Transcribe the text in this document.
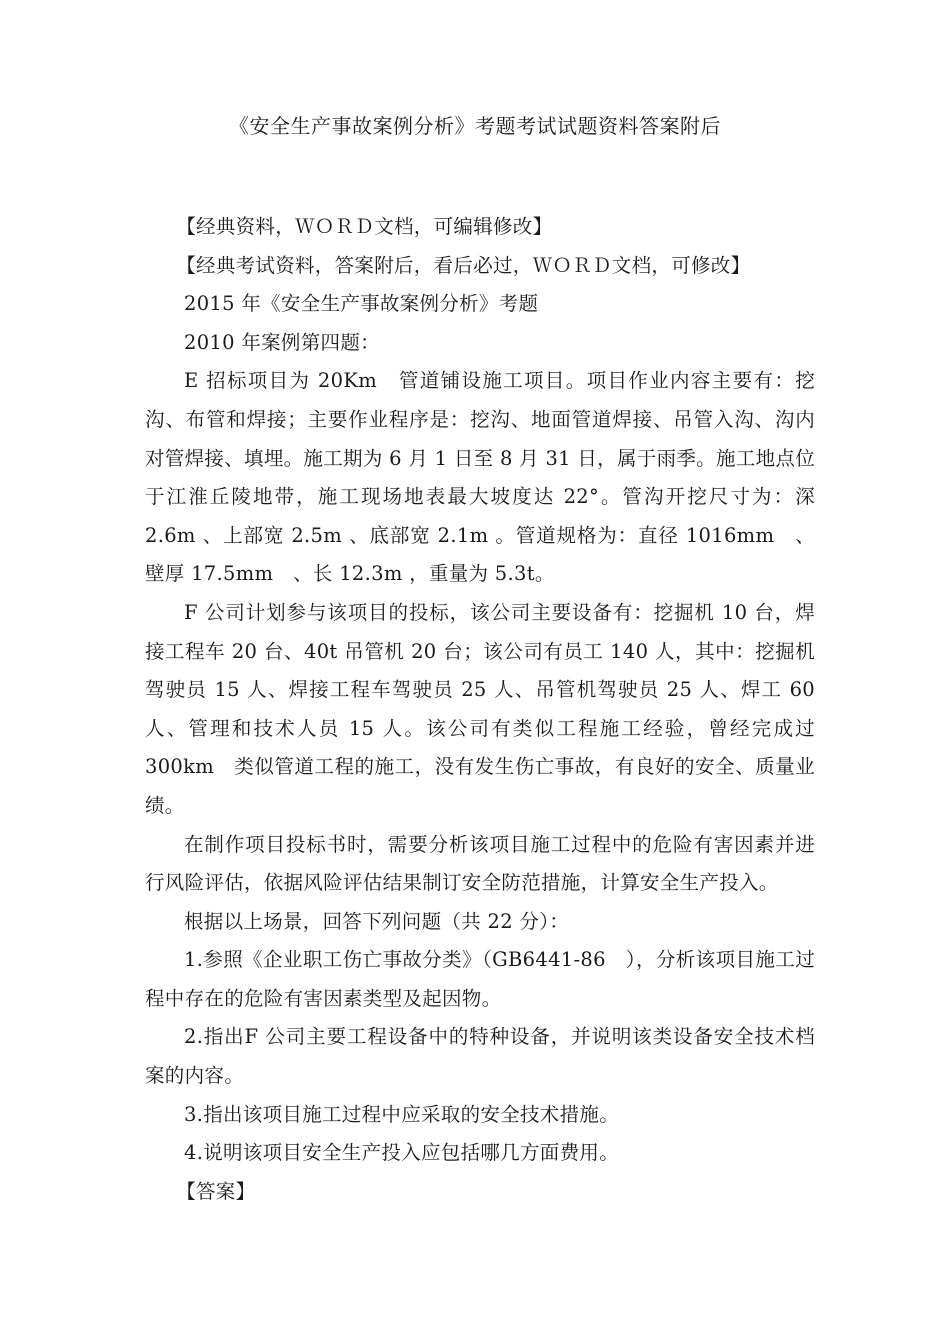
《安全生产事故案例分析》考题考试试题资料答案附后

【经典资料，ＷＯＲＤ文档，可编辑修改】

【经典考试资料，答案附后，看后必过，ＷＯＲＤ文档，可修改】

2015 年《安全生产事故案例分析》考题

2010 年案例第四题：

E 招标项目为 20Km　管道铺设施工项目。项目作业内容主要有：挖沟、布管和焊接；主要作业程序是：挖沟、地面管道焊接、吊管入沟、沟内对管焊接、填埋。施工期为 6 月 1 日至 8 月 31 日，属于雨季。施工地点位于江淮丘陵地带，施工现场地表最大坡度达 22°。管沟开挖尺寸为：深 2.6m 、上部宽 2.5m 、底部宽 2.1m 。管道规格为：直径 1016mm　、壁厚 17.5mm　、长 12.3m ，重量为 5.3t。

F 公司计划参与该项目的投标，该公司主要设备有：挖掘机 10 台，焊接工程车 20 台、40t 吊管机 20 台；该公司有员工 140 人，其中：挖掘机驾驶员 15 人、焊接工程车驾驶员 25 人、吊管机驾驶员 25 人、焊工 60 人、管理和技术人员 15 人。该公司有类似工程施工经验，曾经完成过 300km　类似管道工程的施工，没有发生伤亡事故，有良好的安全、质量业绩。

在制作项目投标书时，需要分析该项目施工过程中的危险有害因素并进行风险评估，依据风险评估结果制订安全防范措施，计算安全生产投入。

根据以上场景，回答下列问题（共 22 分）：

1.参照《企业职工伤亡事故分类》（GB6441-86　），分析该项目施工过程中存在的危险有害因素类型及起因物。

2.指出F 公司主要工程设备中的特种设备，并说明该类设备安全技术档案的内容。

3.指出该项目施工过程中应采取的安全技术措施。

4.说明该项目安全生产投入应包括哪几方面费用。

【答案】
